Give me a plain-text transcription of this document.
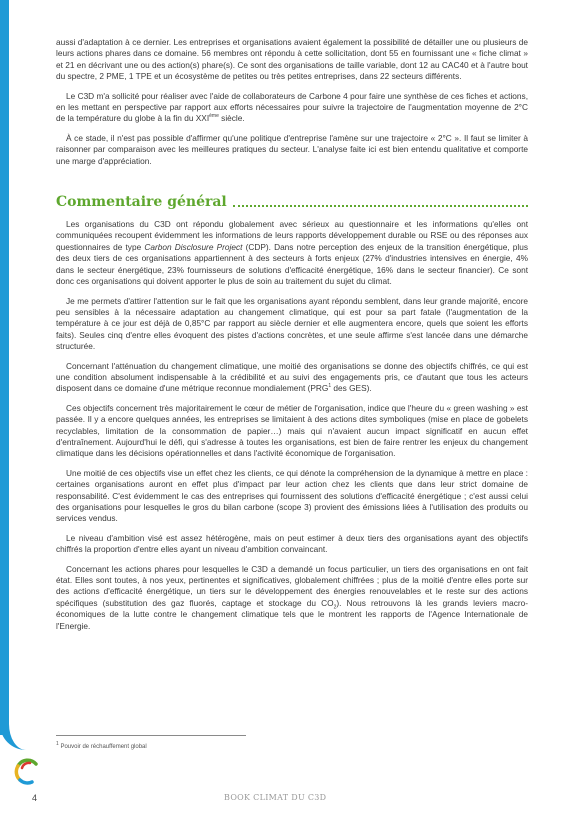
aussi d'adaptation à ce dernier. Les entreprises et organisations avaient également la possibilité de détailler une ou plusieurs de leurs actions phares dans ce domaine. 56 membres ont répondu à cette sollicitation, dont 55 en fournissant une « fiche climat » et 21 en décrivant une ou des action(s) phare(s). Ce sont des organisations de taille variable, dont 12 au CAC40 et à l'autre bout du spectre, 2 PME, 1 TPE et un écosystème de petites ou très petites entreprises, dans 22 secteurs différents.

Le C3D m'a sollicité pour réaliser avec l'aide de collaborateurs de Carbone 4 pour faire une synthèse de ces fiches et actions, en les mettant en perspective par rapport aux efforts nécessaires pour suivre la trajectoire de l'augmentation moyenne de 2°C de la température du globe à la fin du XXIème siècle.

À ce stade, il n'est pas possible d'affirmer qu'une politique d'entreprise l'amène sur une trajectoire « 2°C ». Il faut se limiter à raisonner par comparaison avec les meilleures pratiques du secteur. L'analyse faite ici est bien entendu qualitative et comporte une marge d'appréciation.

Commentaire général

Les organisations du C3D ont répondu globalement avec sérieux au questionnaire et les informations qu'elles ont communiquées recoupent évidemment les informations de leurs rapports développement durable ou RSE ou des réponses aux questionnaires de type Carbon Disclosure Project (CDP). Dans notre perception des enjeux de la transition énergétique, plus des deux tiers de ces organisations appartiennent à des secteurs à forts enjeux (27% d'industries intensives en énergie, 4% dans le secteur énergétique, 23% fournisseurs de solutions d'efficacité énergétique, 16% dans le secteur financier). Ce sont donc ces organisations qui doivent apporter le plus de soin au traitement du sujet du climat.

Je me permets d'attirer l'attention sur le fait que les organisations ayant répondu semblent, dans leur grande majorité, encore peu sensibles à la nécessaire adaptation au changement climatique, qui est pour sa part fatale (l'augmentation de la température à ce jour est déjà de 0,85°C par rapport au siècle dernier et elle augmentera encore, quels que soient les efforts faits). Seules cinq d'entre elles évoquent des pistes d'actions concrètes, et une seule affirme s'est lancée dans une démarche structurée.

Concernant l'atténuation du changement climatique, une moitié des organisations se donne des objectifs chiffrés, ce qui est une condition absolument indispensable à la crédibilité et au suivi des engagements pris, ce d'autant que tous les acteurs disposent dans ce domaine d'une métrique reconnue mondialement (PRG$^1$ des GES).

Ces objectifs concernent très majoritairement le cœur de métier de l'organisation, indice que l'heure du « green washing » est passée. Il y a encore quelques années, les entreprises se limitaient à des actions dites symboliques (mise en place de gobelets recyclables, limitation de la consommation de papier…) mais qui n'avaient aucun impact significatif en aucun effet d'entraînement. Aujourd'hui le défi, qui s'adresse à toutes les organisations, est bien de faire rentrer les enjeux du changement climatique dans les décisions opérationnelles et dans l'activité économique de l'organisation.

Une moitié de ces objectifs vise un effet chez les clients, ce qui dénote la compréhension de la dynamique à mettre en place : certaines organisations auront en effet plus d'impact par leur action chez les clients que dans leur strict domaine de responsabilité. C'est évidemment le cas des entreprises qui fournissent des solutions d'efficacité énergétique ; c'est aussi celui des organisations pour lesquelles le gros du bilan carbone (scope 3) provient des émissions liées à l'utilisation des produits ou services vendus.

Le niveau d'ambition visé est assez hétérogène, mais on peut estimer à deux tiers des organisations ayant des objectifs chiffrés la proportion d'entre elles ayant un niveau d'ambition convaincant.

Concernant les actions phares pour lesquelles le C3D a demandé un focus particulier, un tiers des organisations en ont fait état. Elles sont toutes, à nos yeux, pertinentes et significatives, globalement chiffrées ; plus de la moitié d'entre elles porte sur des actions d'efficacité énergétique, un tiers sur le développement des énergies renouvelables et le reste sur des actions spécifiques (substitution des gaz fluorés, captage et stockage du $CO_2$). Nous retrouvons là les grands leviers macro-économiques de la lutte contre le changement climatique tels que le montrent les rapports de l'Agence Internationale de l'Energie.

$^1$ Pouvoir de réchauffement global
4	BOOK CLIMAT DU C3D
